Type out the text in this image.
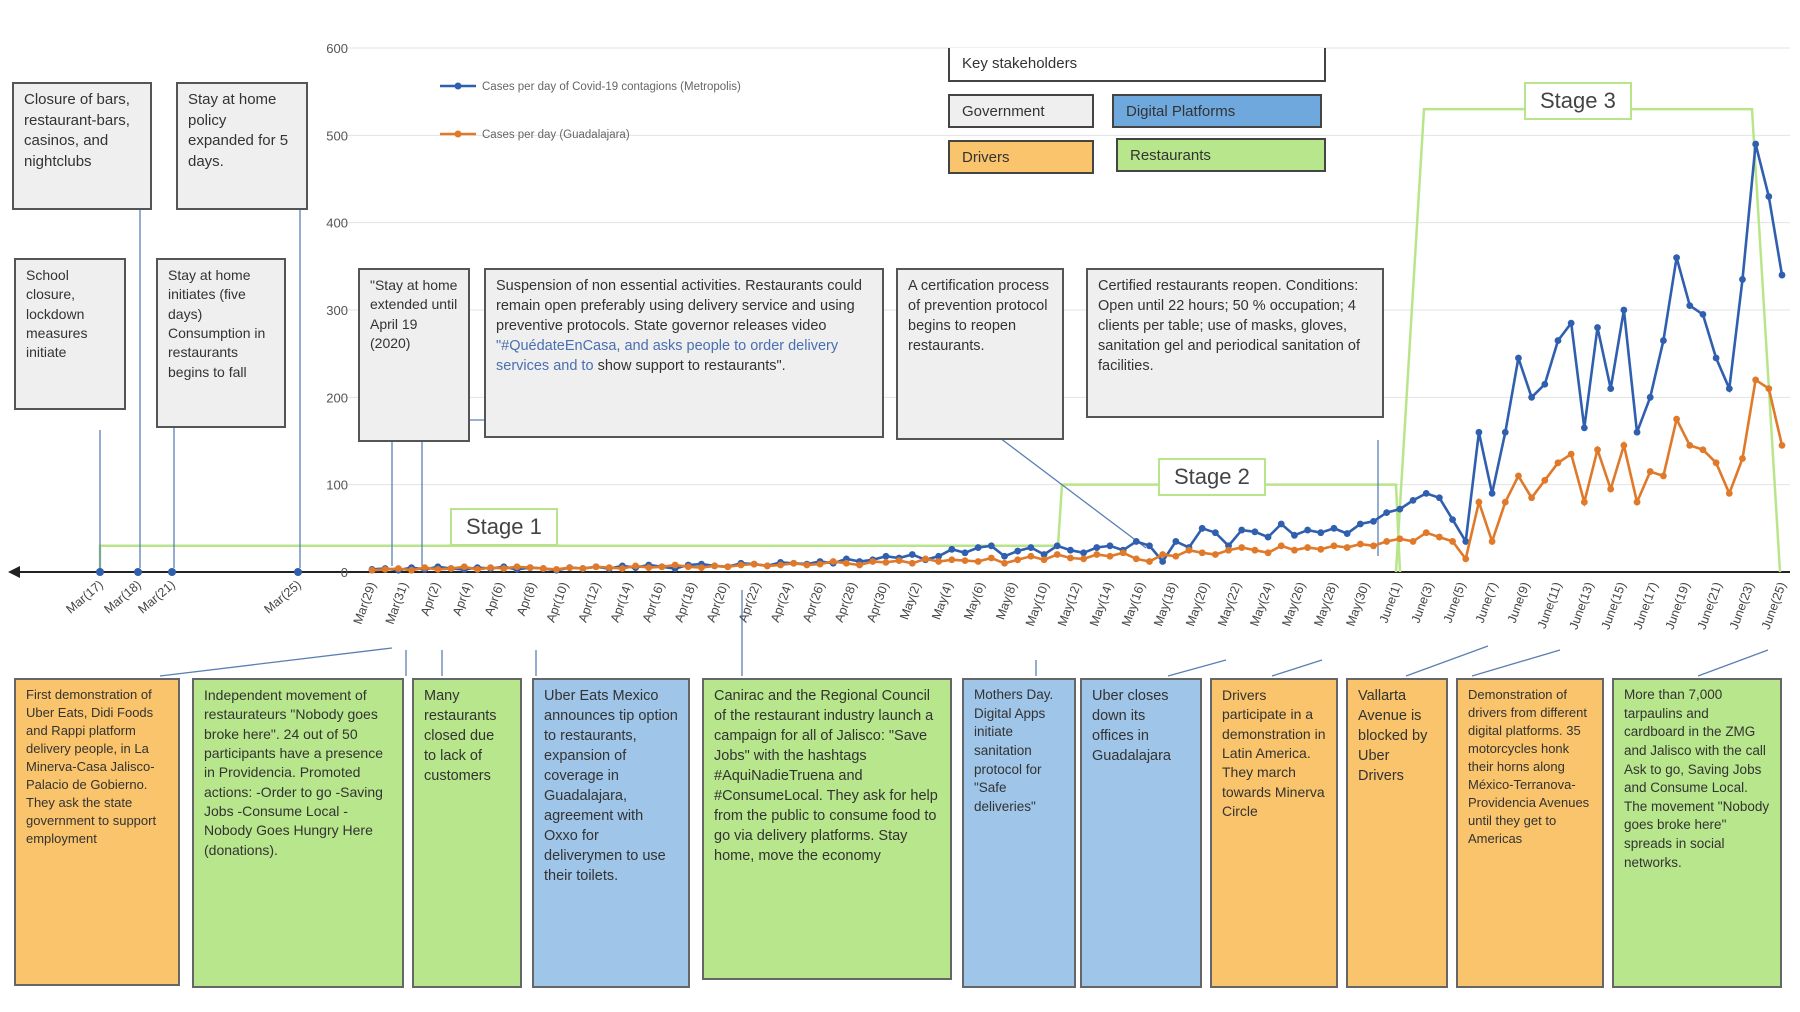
0
100
200
300
400
500
600
Mar(29) Mar(31) Apr(2) Apr(4) Apr(6) Apr(8) Apr(10) Apr(12) Apr(14) Apr(16) Apr(18) Apr(20) Apr(22) Apr(24) Apr(26) Apr(28) Apr(30) May(2) May(4) May(6) May(8) May(10) May(12) May(14) May(16) May(18) May(20) May(22) May(24) May(26) May(28) May(30) June(1) June(3) June(5) June(7) June(9) June(11) June(13) June(15) June(17) June(19) June(21) June(23) June(25)
Mar(17)
Mar(18)
Mar(21)	Mar(25)
Cases per day of Covid-19 contagions (Metropolis)
Cases per day (Guadalajara)
Key stakeholders
Government	Digital Platforms
Drivers	Restaurants
Stage 1
Stage 2
Stage 3
Closure of bars, restaurant-bars, casinos, and nightclubs
Stay at home policy expanded for 5 days.
School closure, lockdown measures initiate
Stay at home initiates (five days) Consumption in restaurants begins to fall
"Stay at home extended until April 19 (2020)
Suspension of non essential activities. Restaurants could remain open preferably using delivery service and using preventive protocols. State governor releases video "#QuédateEnCasa, and asks people to order delivery services and to show support to restaurants".
A certification process of prevention protocol begins to reopen restaurants.
Certified restaurants reopen. Conditions: Open until 22 hours; 50 % occupation; 4 clients per table; use of masks, gloves, sanitation gel and periodical sanitation of facilities.
First demonstration of Uber Eats, Didi Foods and Rappi platform delivery people, in La Minerva-Casa Jalisco-Palacio de Gobierno. They ask the state government to support employment
Independent movement of restaurateurs "Nobody goes broke here". 24 out of 50 participants have a presence in Providencia. Promoted actions: -Order to go -Saving Jobs -Consume Local -Nobody Goes Hungry Here (donations).
Many restaurants closed due to lack of customers
Uber Eats Mexico announces tip option to restaurants, expansion of coverage in Guadalajara, agreement with Oxxo for deliverymen to use their toilets.
Canirac and the Regional Council of the restaurant industry launch a campaign for all of Jalisco: "Save Jobs" with the hashtags #AquiNadieTruena and #ConsumeLocal. They ask for help from the public to consume food to go via delivery platforms. Stay home, move the economy
Mothers Day. Digital Apps initiate sanitation protocol for "Safe deliveries"
Uber closes down its offices in Guadalajara
Drivers participate in a demonstration in Latin America. They march towards Minerva Circle
Vallarta Avenue is blocked by Uber Drivers
Demonstration of drivers from different digital platforms. 35 motorcycles honk their horns along México-Terranova-Providencia Avenues until they get to Americas
More than 7,000 tarpaulins and cardboard in the ZMG and Jalisco with the call Ask to go, Saving Jobs and Consume Local. The movement "Nobody goes broke here" spreads in social networks.
